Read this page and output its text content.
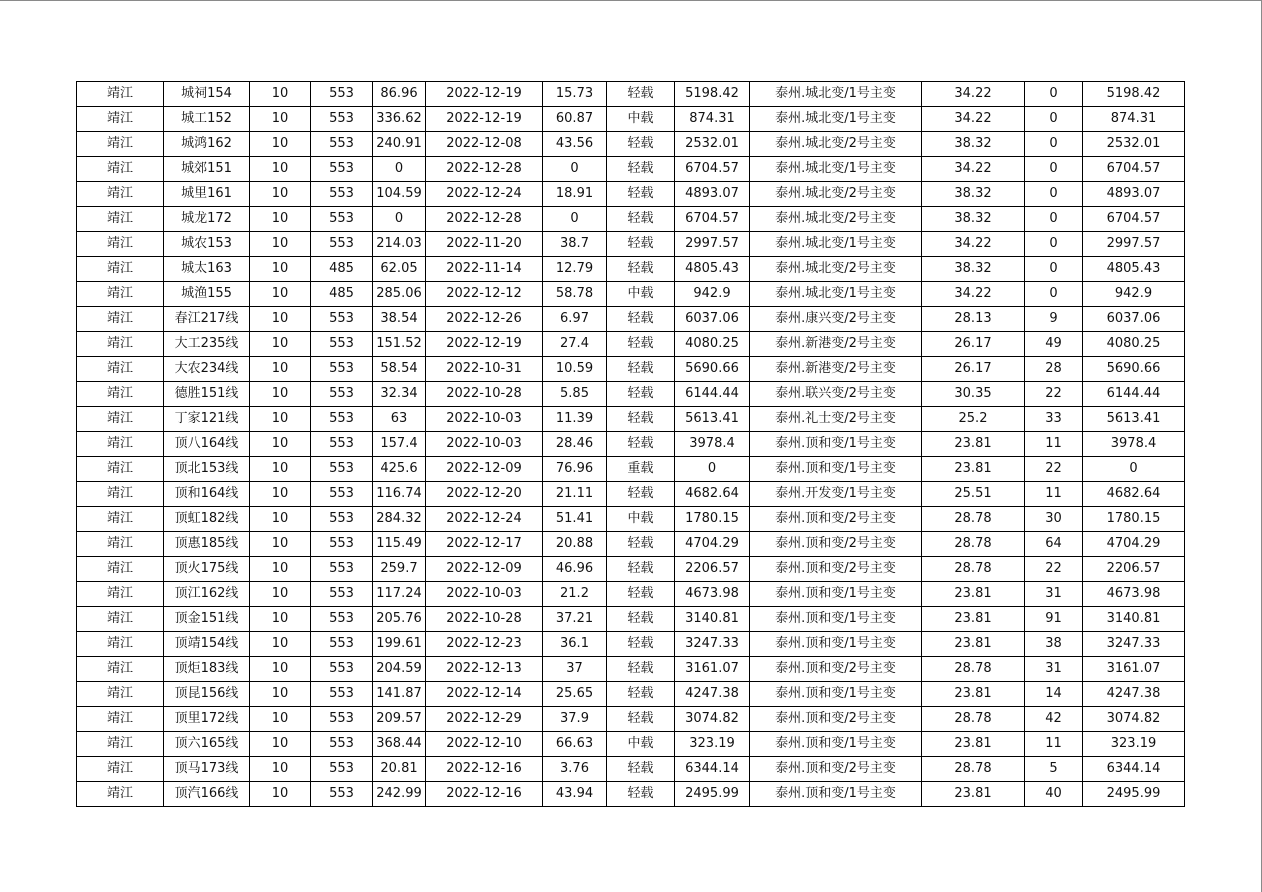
靖江	城祠154	10	553	86.96	2022-12-19	15.73	轻载	5198.42	泰州.城北变/1号主变	34.22	0	5198.42
靖江	城工152	10	553	336.62	2022-12-19	60.87	中载	874.31	泰州.城北变/1号主变	34.22	0	874.31
靖江	城鸿162	10	553	240.91	2022-12-08	43.56	轻载	2532.01	泰州.城北变/2号主变	38.32	0	2532.01
靖江	城郊151	10	553	0	2022-12-28	0	轻载	6704.57	泰州.城北变/1号主变	34.22	0	6704.57
靖江	城里161	10	553	104.59	2022-12-24	18.91	轻载	4893.07	泰州.城北变/2号主变	38.32	0	4893.07
靖江	城龙172	10	553	0	2022-12-28	0	轻载	6704.57	泰州.城北变/2号主变	38.32	0	6704.57
靖江	城农153	10	553	214.03	2022-11-20	38.7	轻载	2997.57	泰州.城北变/1号主变	34.22	0	2997.57
靖江	城太163	10	485	62.05	2022-11-14	12.79	轻载	4805.43	泰州.城北变/2号主变	38.32	0	4805.43
靖江	城渔155	10	485	285.06	2022-12-12	58.78	中载	942.9	泰州.城北变/1号主变	34.22	0	942.9
靖江	春江217线	10	553	38.54	2022-12-26	6.97	轻载	6037.06	泰州.康兴变/2号主变	28.13	9	6037.06
靖江	大工235线	10	553	151.52	2022-12-19	27.4	轻载	4080.25	泰州.新港变/2号主变	26.17	49	4080.25
靖江	大农234线	10	553	58.54	2022-10-31	10.59	轻载	5690.66	泰州.新港变/2号主变	26.17	28	5690.66
靖江	德胜151线	10	553	32.34	2022-10-28	5.85	轻载	6144.44	泰州.联兴变/2号主变	30.35	22	6144.44
靖江	丁家121线	10	553	63	2022-10-03	11.39	轻载	5613.41	泰州.礼士变/2号主变	25.2	33	5613.41
靖江	顶八164线	10	553	157.4	2022-10-03	28.46	轻载	3978.4	泰州.顶和变/1号主变	23.81	11	3978.4
靖江	顶北153线	10	553	425.6	2022-12-09	76.96	重载	0	泰州.顶和变/1号主变	23.81	22	0
靖江	顶和164线	10	553	116.74	2022-12-20	21.11	轻载	4682.64	泰州.开发变/1号主变	25.51	11	4682.64
靖江	顶虹182线	10	553	284.32	2022-12-24	51.41	中载	1780.15	泰州.顶和变/2号主变	28.78	30	1780.15
靖江	顶惠185线	10	553	115.49	2022-12-17	20.88	轻载	4704.29	泰州.顶和变/2号主变	28.78	64	4704.29
靖江	顶火175线	10	553	259.7	2022-12-09	46.96	轻载	2206.57	泰州.顶和变/2号主变	28.78	22	2206.57
靖江	顶江162线	10	553	117.24	2022-10-03	21.2	轻载	4673.98	泰州.顶和变/1号主变	23.81	31	4673.98
靖江	顶金151线	10	553	205.76	2022-10-28	37.21	轻载	3140.81	泰州.顶和变/1号主变	23.81	91	3140.81
靖江	顶靖154线	10	553	199.61	2022-12-23	36.1	轻载	3247.33	泰州.顶和变/1号主变	23.81	38	3247.33
靖江	顶炬183线	10	553	204.59	2022-12-13	37	轻载	3161.07	泰州.顶和变/2号主变	28.78	31	3161.07
靖江	顶昆156线	10	553	141.87	2022-12-14	25.65	轻载	4247.38	泰州.顶和变/1号主变	23.81	14	4247.38
靖江	顶里172线	10	553	209.57	2022-12-29	37.9	轻载	3074.82	泰州.顶和变/2号主变	28.78	42	3074.82
靖江	顶六165线	10	553	368.44	2022-12-10	66.63	中载	323.19	泰州.顶和变/1号主变	23.81	11	323.19
靖江	顶马173线	10	553	20.81	2022-12-16	3.76	轻载	6344.14	泰州.顶和变/2号主变	28.78	5	6344.14
靖江	顶汽166线	10	553	242.99	2022-12-16	43.94	轻载	2495.99	泰州.顶和变/1号主变	23.81	40	2495.99
